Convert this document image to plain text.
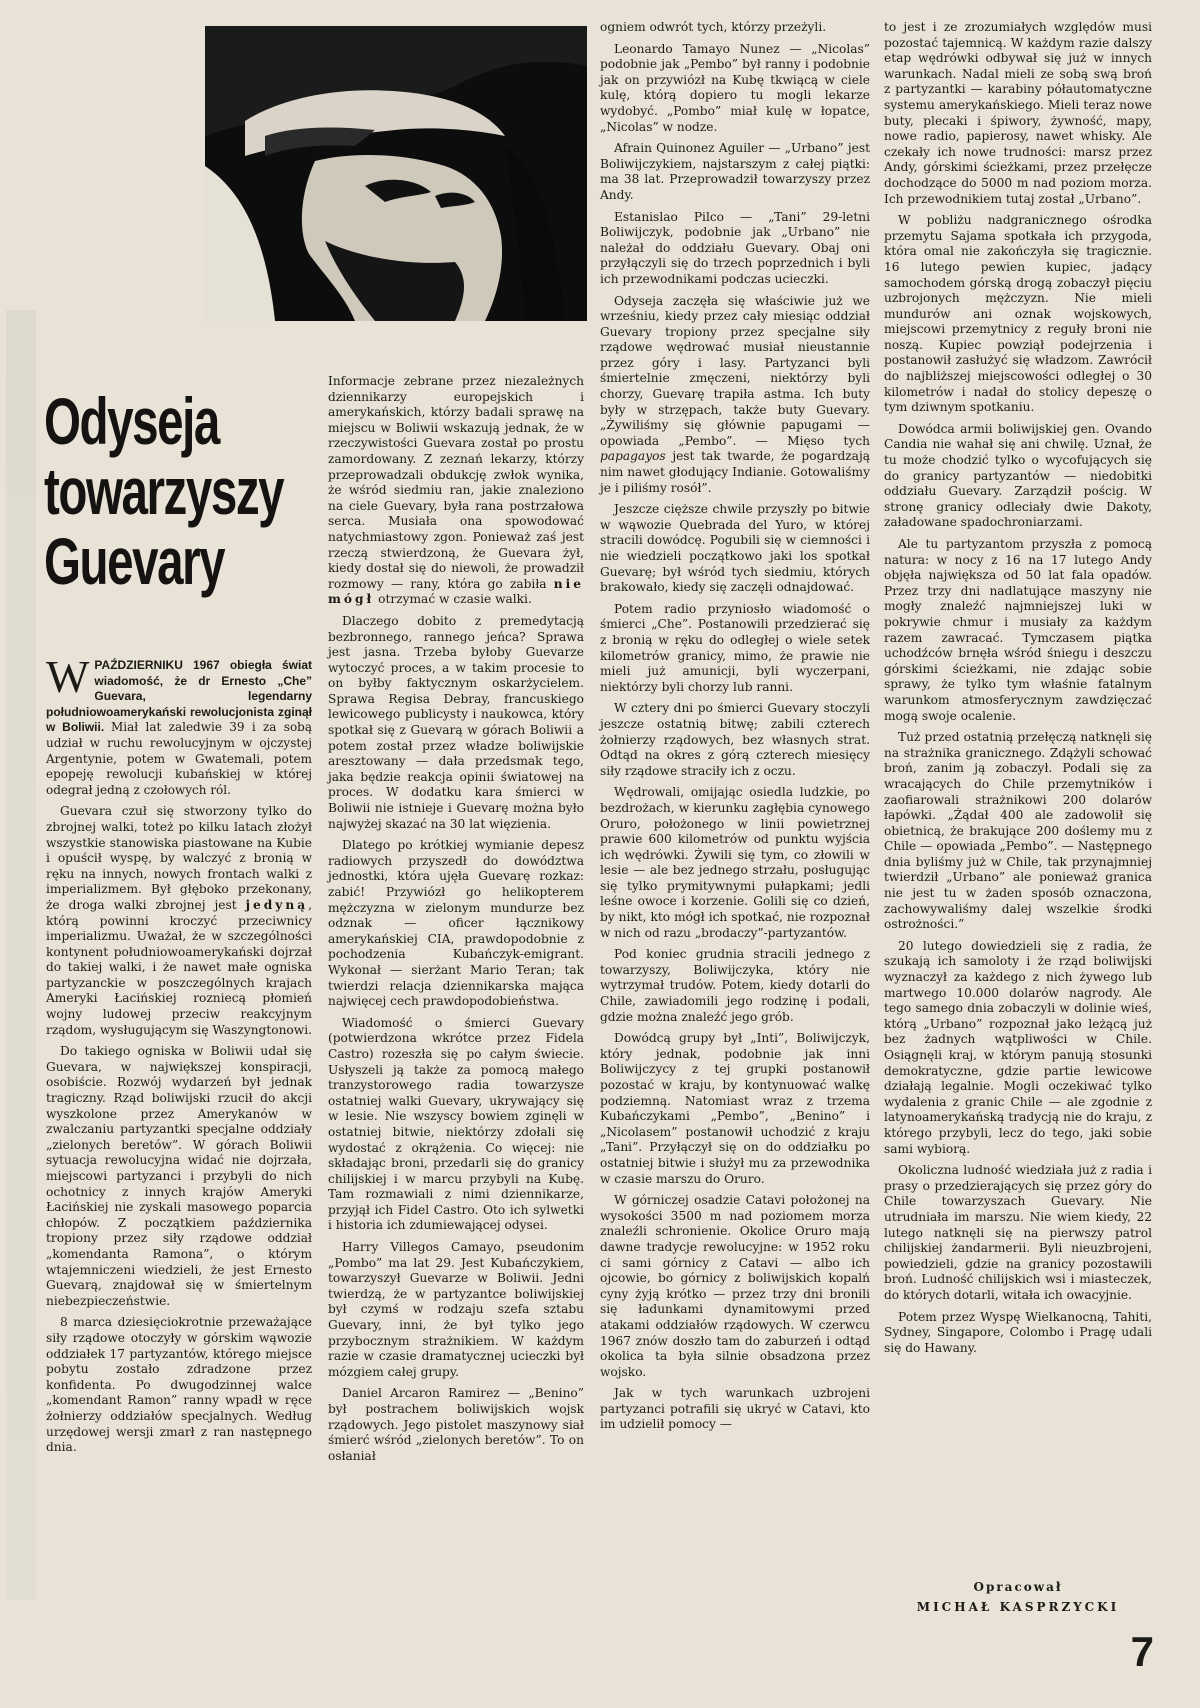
Odyseja
towarzyszy
Guevary

WPAŹDZIERNIKU 1967 obiegła świat wiadomość, że dr Ernesto „Che” Guevara, legendarny południowoamerykański rewolucjonista zginął w Boliwii. Miał lat zaledwie 39 i za sobą udział w ruchu rewolucyjnym w ojczystej Argentynie, potem w Gwatemali, potem epopeję rewolucji kubańskiej w której odegrał jedną z czołowych ról.

Guevara czuł się stworzony tylko do zbrojnej walki, toteż po kilku latach złożył wszystkie stanowiska piastowane na Kubie i opuścił wyspę, by walczyć z bronią w ręku na innych, nowych frontach walki z imperializmem. Był głęboko przekonany, że droga walki zbrojnej jest jedyną, którą powinni kroczyć przeciwnicy imperializmu. Uważał, że w szczególności kontynent południowoamerykański dojrzał do takiej walki, i że nawet małe ogniska partyzanckie w poszczególnych krajach Ameryki Łacińskiej rozniecą płomień wojny ludowej przeciw reakcyjnym rządom, wysługującym się Waszyngtonowi.

Do takiego ogniska w Boliwii udał się Guevara, w największej konspiracji, osobiście. Rozwój wydarzeń był jednak tragiczny. Rząd boliwijski rzucił do akcji wyszkolone przez Amerykanów w zwalczaniu partyzantki specjalne oddziały „zielonych beretów”. W górach Boliwii sytuacja rewolucyjna widać nie dojrzała, miejscowi partyzanci i przybyli do nich ochotnicy z innych krajów Ameryki Łacińskiej nie zyskali masowego poparcia chłopów. Z początkiem października tropiony przez siły rządowe oddział „komendanta Ramona”, o którym wtajemniczeni wiedzieli, że jest Ernesto Guevarą, znajdował się w śmiertelnym niebezpieczeństwie.

8 marca dziesięciokrotnie przeważające siły rządowe otoczyły w górskim wąwozie oddziałek 17 partyzantów, którego miejsce pobytu zostało zdradzone przez konfidenta. Po dwugodzinnej walce „komendant Ramon” ranny wpadł w ręce żołnierzy oddziałów specjalnych. Według urzędowej wersji zmarł z ran następnego dnia.

Informacje zebrane przez niezależnych dziennikarzy europejskich i amerykańskich, którzy badali sprawę na miejscu w Boliwii wskazują jednak, że w rzeczywistości Guevara został po prostu zamordowany. Z zeznań lekarzy, którzy przeprowadzali obdukcję zwłok wynika, że wśród siedmiu ran, jakie znaleziono na ciele Guevary, była rana postrzałowa serca. Musiała ona spowodować natychmiastowy zgon. Ponieważ zaś jest rzeczą stwierdzoną, że Guevara żył, kiedy dostał się do niewoli, że prowadził rozmowy — rany, która go zabiła nie mógł otrzymać w czasie walki.

Dlaczego dobito z premedytacją bezbronnego, rannego jeńca? Sprawa jest jasna. Trzeba byłoby Guevarze wytoczyć proces, a w takim procesie to on byłby faktycznym oskarżycielem. Sprawa Regisa Debray, francuskiego lewicowego publicysty i naukowca, który spotkał się z Guevarą w górach Boliwii a potem został przez władze boliwijskie aresztowany — dała przedsmak tego, jaka będzie reakcja opinii światowej na proces. W dodatku kara śmierci w Boliwii nie istnieje i Guevarę można było najwyżej skazać na 30 lat więzienia.

Dlatego po krótkiej wymianie depesz radiowych przyszedł do dowództwa jednostki, która ujęła Guevarę rozkaz: zabić! Przywiózł go helikopterem mężczyzna w zielonym mundurze bez odznak — oficer łącznikowy amerykańskiej CIA, prawdopodobnie z pochodzenia Kubańczyk-emigrant. Wykonał — sierżant Mario Teran; tak twierdzi relacja dziennikarska mająca najwięcej cech prawdopodobieństwa.

Wiadomość o śmierci Guevary (potwierdzona wkrótce przez Fidela Castro) rozeszła się po całym świecie. Usłyszeli ją także za pomocą małego tranzystorowego radia towarzysze ostatniej walki Guevary, ukrywający się w lesie. Nie wszyscy bowiem zginęli w ostatniej bitwie, niektórzy zdołali się wydostać z okrążenia. Co więcej: nie składając broni, przedarli się do granicy chilijskiej i w marcu przybyli na Kubę. Tam rozmawiali z nimi dziennikarze, przyjął ich Fidel Castro. Oto ich sylwetki i historia ich zdumiewającej odysei.

Harry Villegos Camayo, pseudonim „Pombo” ma lat 29. Jest Kubańczykiem, towarzyszył Guevarze w Boliwii. Jedni twierdzą, że w partyzantce boliwijskiej był czymś w rodzaju szefa sztabu Guevary, inni, że był tylko jego przybocznym strażnikiem. W każdym razie w czasie dramatycznej ucieczki był mózgiem całej grupy.

Daniel Arcaron Ramirez — „Benino” był postrachem boliwijskich wojsk rządowych. Jego pistolet maszynowy siał śmierć wśród „zielonych beretów”. To on osłaniał

ogniem odwrót tych, którzy przeżyli.

Leonardo Tamayo Nunez — „Nicolas” podobnie jak „Pembo” był ranny i podobnie jak on przywiózł na Kubę tkwiącą w ciele kulę, którą dopiero tu mogli lekarze wydobyć. „Pombo” miał kulę w łopatce, „Nicolas” w nodze.

Afrain Quinonez Aguiler — „Urbano” jest Boliwijczykiem, najstarszym z całej piątki: ma 38 lat. Przeprowadził towarzyszy przez Andy.

Estanislao Pilco — „Tani” 29-letni Boliwijczyk, podobnie jak „Urbano” nie należał do oddziału Guevary. Obaj oni przyłączyli się do trzech poprzednich i byli ich przewodnikami podczas ucieczki.

Odyseja zaczęła się właściwie już we wrześniu, kiedy przez cały miesiąc oddział Guevary tropiony przez specjalne siły rządowe wędrować musiał nieustannie przez góry i lasy. Partyzanci byli śmiertelnie zmęczeni, niektórzy byli chorzy, Guevarę trapiła astma. Ich buty były w strzępach, także buty Guevary. „Żywiliśmy się głównie papugami — opowiada „Pembo”. — Mięso tych papagayos jest tak twarde, że pogardzają nim nawet głodujący Indianie. Gotowaliśmy je i piliśmy rosół”.

Jeszcze cięższe chwile przyszły po bitwie w wąwozie Quebrada del Yuro, w której stracili dowódcę. Pogubili się w ciemności i nie wiedzieli początkowo jaki los spotkał Guevarę; był wśród tych siedmiu, których brakowało, kiedy się zaczęli odnajdować.

Potem radio przyniosło wiadomość o śmierci „Che”. Postanowili przedzierać się z bronią w ręku do odległej o wiele setek kilometrów granicy, mimo, że prawie nie mieli już amunicji, byli wyczerpani, niektórzy byli chorzy lub ranni.

W cztery dni po śmierci Guevary stoczyli jeszcze ostatnią bitwę; zabili czterech żołnierzy rządowych, bez własnych strat. Odtąd na okres z górą czterech miesięcy siły rządowe straciły ich z oczu.

Wędrowali, omijając osiedla ludzkie, po bezdrożach, w kierunku zagłębia cynowego Oruro, położonego w linii powietrznej prawie 600 kilometrów od punktu wyjścia ich wędrówki. Żywili się tym, co złowili w lesie — ale bez jednego strzału, posługując się tylko prymitywnymi pułapkami; jedli leśne owoce i korzenie. Golili się co dzień, by nikt, kto mógł ich spotkać, nie rozpoznał w nich od razu „brodaczy”-partyzantów.

Pod koniec grudnia stracili jednego z towarzyszy, Boliwijczyka, który nie wytrzymał trudów. Potem, kiedy dotarli do Chile, zawiadomili jego rodzinę i podali, gdzie można znaleźć jego grób.

Dowódcą grupy był „Inti”, Boliwijczyk, który jednak, podobnie jak inni Boliwijczycy z tej grupki postanowił pozostać w kraju, by kontynuować walkę podziemną. Natomiast wraz z trzema Kubańczykami „Pembo”, „Benino” i „Nicolasem” postanowił uchodzić z kraju „Tani”. Przyłączył się on do oddziałku po ostatniej bitwie i służył mu za przewodnika w czasie marszu do Oruro.

W górniczej osadzie Catavi położonej na wysokości 3500 m nad poziomem morza znaleźli schronienie. Okolice Oruro mają dawne tradycje rewolucyjne: w 1952 roku ci sami górnicy z Catavi — albo ich ojcowie, bo górnicy z boliwijskich kopalń cyny żyją krótko — przez trzy dni bronili się ładunkami dynamitowymi przed atakami oddziałów rządowych. W czerwcu 1967 znów doszło tam do zaburzeń i odtąd okolica ta była silnie obsadzona przez wojsko.

Jak w tych warunkach uzbrojeni partyzanci potrafili się ukryć w Catavi, kto im udzielił pomocy —

to jest i ze zrozumiałych względów musi pozostać tajemnicą. W każdym razie dalszy etap wędrówki odbywał się już w innych warunkach. Nadal mieli ze sobą swą broń z partyzantki — karabiny półautomatyczne systemu amerykańskiego. Mieli teraz nowe buty, plecaki i śpiwory, żywność, mapy, nowe radio, papierosy, nawet whisky. Ale czekały ich nowe trudności: marsz przez Andy, górskimi ścieżkami, przez przełęcze dochodzące do 5000 m nad poziom morza. Ich przewodnikiem tutaj został „Urbano”.

W pobliżu nadgranicznego ośrodka przemytu Sajama spotkała ich przygoda, która omal nie zakończyła się tragicznie. 16 lutego pewien kupiec, jadący samochodem górską drogą zobaczył pięciu uzbrojonych mężczyzn. Nie mieli mundurów ani oznak wojskowych, miejscowi przemytnicy z reguły broni nie noszą. Kupiec powziął podejrzenia i postanowił zasłużyć się władzom. Zawrócił do najbliższej miejscowości odległej o 30 kilometrów i nadał do stolicy depeszę o tym dziwnym spotkaniu.

Dowódca armii boliwijskiej gen. Ovando Candia nie wahał się ani chwilę. Uznał, że tu może chodzić tylko o wycofujących się do granicy partyzantów — niedobitki oddziału Guevary. Zarządził pościg. W stronę granicy odleciały dwie Dakoty, załadowane spadochroniarzami.

Ale tu partyzantom przyszła z pomocą natura: w nocy z 16 na 17 lutego Andy objęła największa od 50 lat fala opadów. Przez trzy dni nadlatujące maszyny nie mogły znaleźć najmniejszej luki w pokrywie chmur i musiały za każdym razem zawracać. Tymczasem piątka uchodźców brnęła wśród śniegu i deszczu górskimi ścieżkami, nie zdając sobie sprawy, że tylko tym właśnie fatalnym warunkom atmosferycznym zawdzięczać mogą swoje ocalenie.

Tuż przed ostatnią przełęczą natknęli się na strażnika granicznego. Zdążyli schować broń, zanim ją zobaczył. Podali się za wracających do Chile przemytników i zaofiarowali strażnikowi 200 dolarów łapówki. „Żądał 400 ale zadowolił się obietnicą, że brakujące 200 doślemy mu z Chile — opowiada „Pembo”. — Następnego dnia byliśmy już w Chile, tak przynajmniej twierdził „Urbano” ale ponieważ granica nie jest tu w żaden sposób oznaczona, zachowywaliśmy dalej wszelkie środki ostrożności.”

20 lutego dowiedzieli się z radia, że szukają ich samoloty i że rząd boliwijski wyznaczył za każdego z nich żywego lub martwego 10.000 dolarów nagrody. Ale tego samego dnia zobaczyli w dolinie wieś, którą „Urbano” rozpoznał jako leżącą już bez żadnych wątpliwości w Chile. Osiągnęli kraj, w którym panują stosunki demokratyczne, gdzie partie lewicowe działają legalnie. Mogli oczekiwać tylko wydalenia z granic Chile — ale zgodnie z latynoamerykańską tradycją nie do kraju, z którego przybyli, lecz do tego, jaki sobie sami wybiorą.

Okoliczna ludność wiedziała już z radia i prasy o przedzierających się przez góry do Chile towarzyszach Guevary. Nie utrudniała im marszu. Nie wiem kiedy, 22 lutego natknęli się na pierwszy patrol chilijskiej żandarmerii. Byli nieuzbrojeni, powiedzieli, gdzie na granicy pozostawili broń. Ludność chilijskich wsi i miasteczek, do których dotarli, witała ich owacyjnie.

Potem przez Wyspę Wielkanocną, Tahiti, Sydney, Singapore, Colombo i Pragę udali się do Hawany.

Opracował
MICHAŁ KASPRZYCKI
7
